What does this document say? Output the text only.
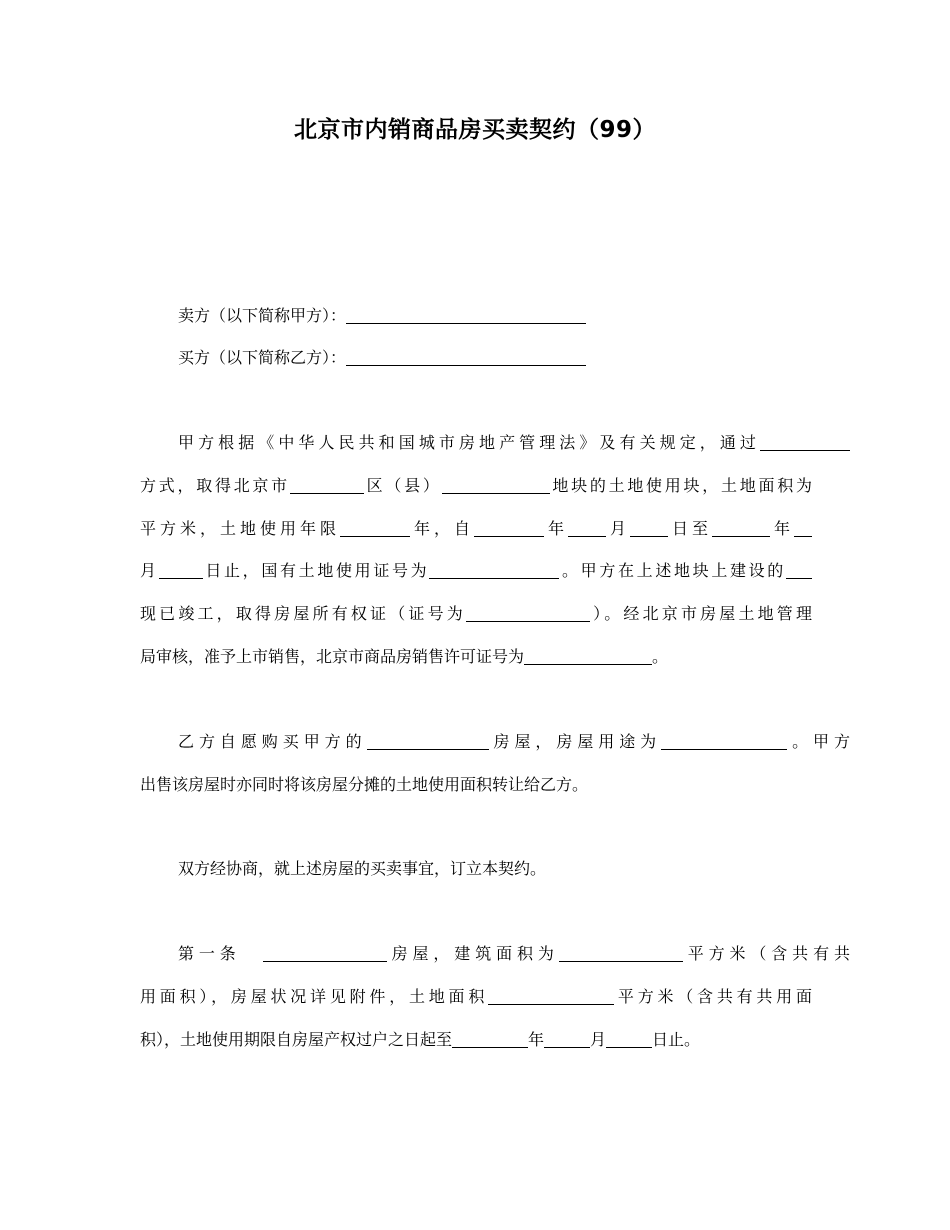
北京市内销商品房买卖契约（99）
卖方（以下简称甲方）：
买方（以下简称乙方）：
甲方根据《中华人民共和国城市房地产管理法》及有关规定，通过
方式，取得北京市	区（县）	地块的土地使用块，土地面积为
平方米，土地使用年限	年，自	年 月 日至	年
月	日止，国有土地使用证号为	。甲方在上述地块上建设的
现已竣工，取得房屋所有权证（证号为	）。经北京市房屋土地管理
局审核，准予上市销售，北京市商品房销售许可证号为	。
乙方自愿购买甲方的	房屋，房屋用途为	。甲方
出售该房屋时亦同时将该房屋分摊的土地使用面积转让给乙方。
双方经协商，就上述房屋的买卖事宜，订立本契约。
第一条	房屋，建筑面积为	平方米（含共有共
用面积），房屋状况详见附件，土地面积	平方米（含共有共用面
积），土地使用期限自房屋产权过户之日起至	年	月	日止。
